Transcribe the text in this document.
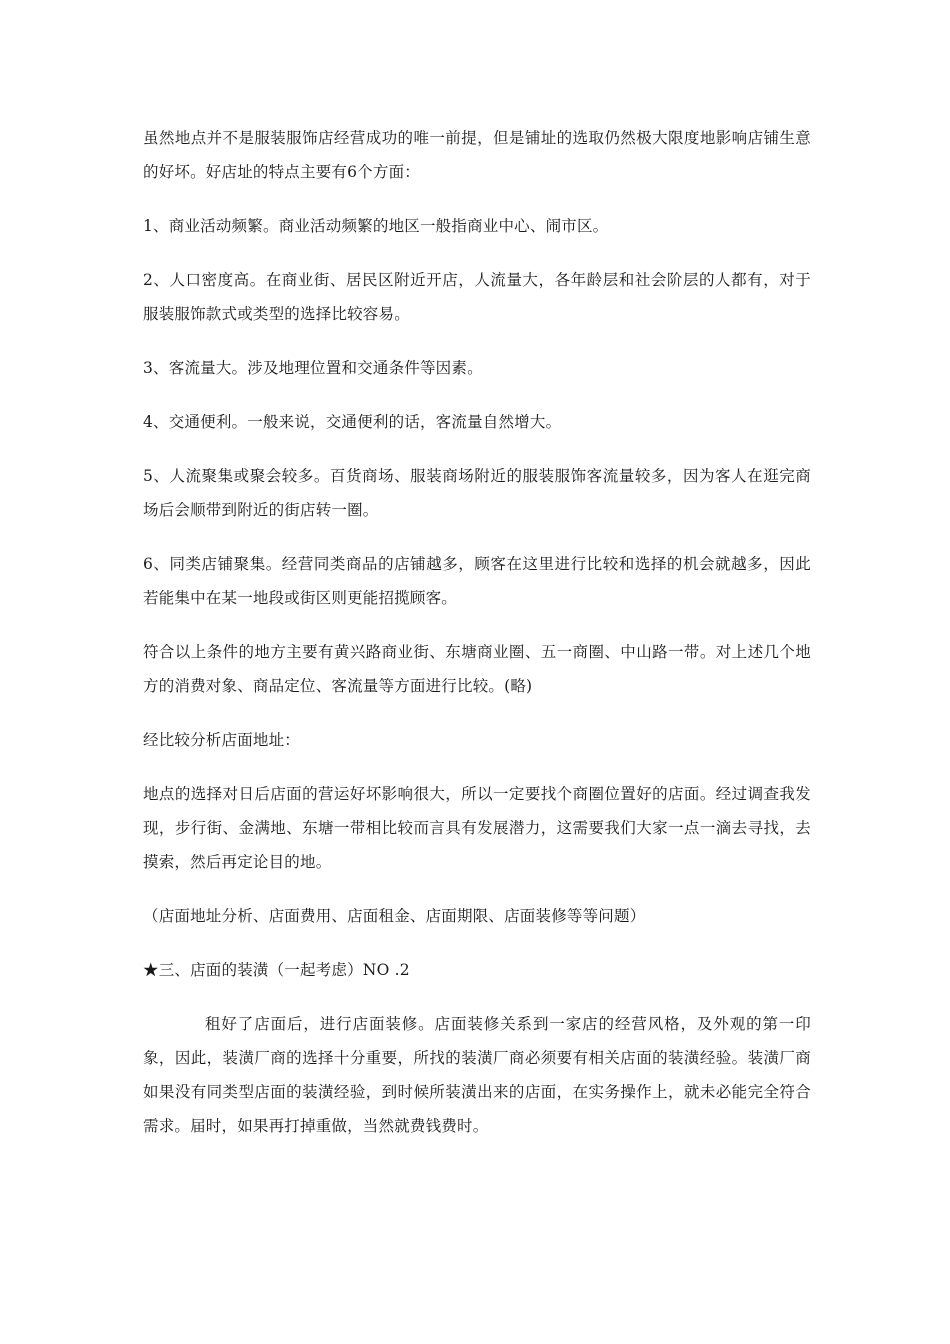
虽然地点并不是服装服饰店经营成功的唯一前提，但是铺址的选取仍然极大限度地影响店铺生意的好坏。好店址的特点主要有6个方面：

1、商业活动频繁。商业活动频繁的地区一般指商业中心、闹市区。

2、人口密度高。在商业街、居民区附近开店，人流量大，各年龄层和社会阶层的人都有，对于服装服饰款式或类型的选择比较容易。

3、客流量大。涉及地理位置和交通条件等因素。

4、交通便利。一般来说，交通便利的话，客流量自然增大。

5、人流聚集或聚会较多。百货商场、服装商场附近的服装服饰客流量较多，因为客人在逛完商场后会顺带到附近的街店转一圈。

6、同类店铺聚集。经营同类商品的店铺越多，顾客在这里进行比较和选择的机会就越多，因此若能集中在某一地段或街区则更能招揽顾客。

符合以上条件的地方主要有黄兴路商业街、东塘商业圈、五一商圈、中山路一带。对上述几个地方的消费对象、商品定位、客流量等方面进行比较。(略)

经比较分析店面地址：

地点的选择对日后店面的营运好坏影响很大，所以一定要找个商圈位置好的店面。经过调查我发现，步行街、金满地、东塘一带相比较而言具有发展潜力，这需要我们大家一点一滴去寻找，去摸索，然后再定论目的地。

（店面地址分析、店面费用、店面租金、店面期限、店面装修等等问题）

★三、店面的装潢（一起考虑）NO .2

租好了店面后，进行店面装修。店面装修关系到一家店的经营风格，及外观的第一印象，因此，装潢厂商的选择十分重要，所找的装潢厂商必须要有相关店面的装潢经验。装潢厂商如果没有同类型店面的装潢经验，到时候所装潢出来的店面，在实务操作上，就未必能完全符合需求。届时，如果再打掉重做，当然就费钱费时。
